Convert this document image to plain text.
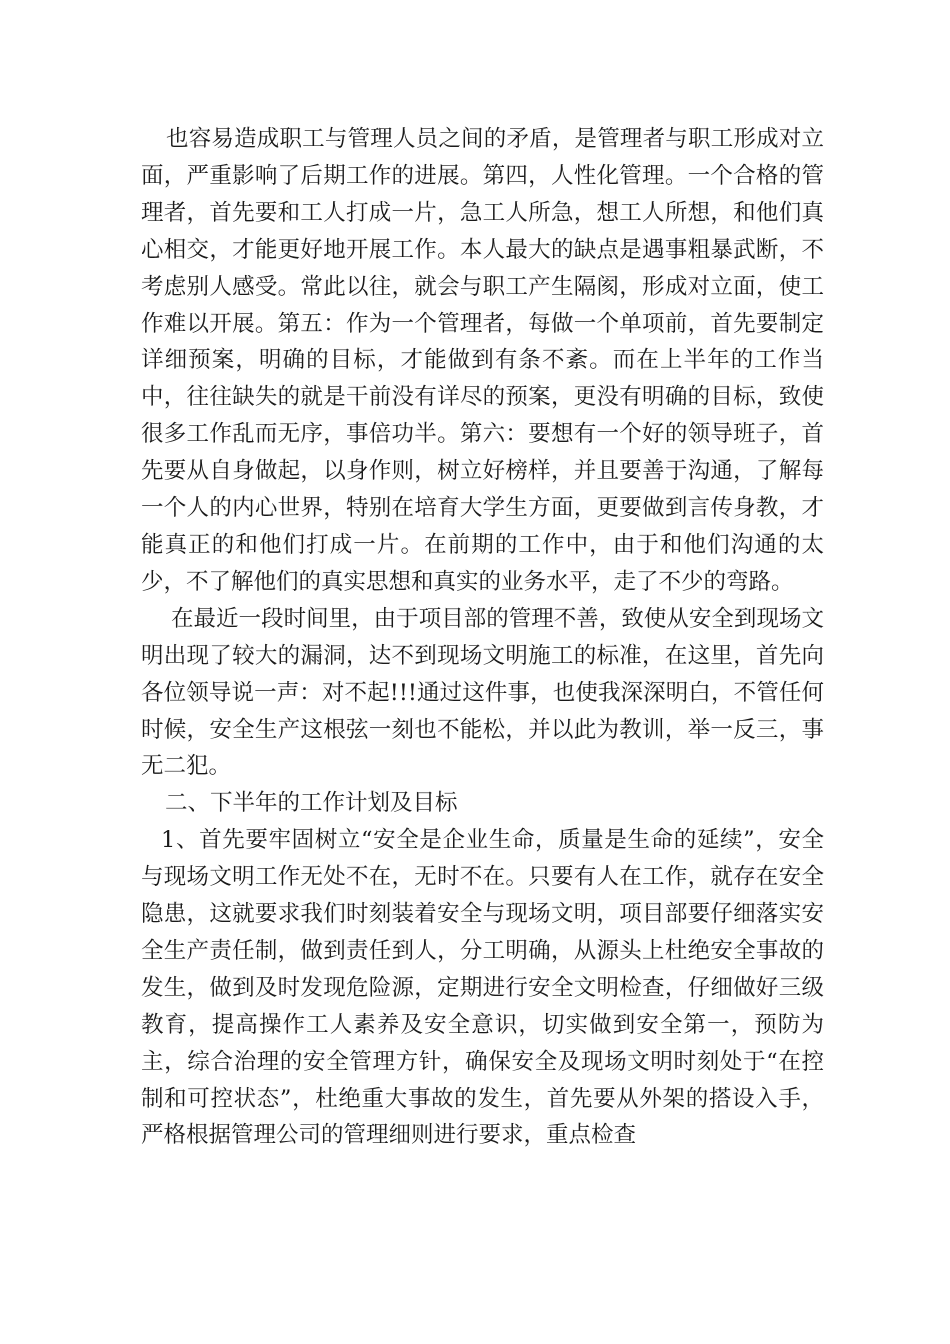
也容易造成职工与管理人员之间的矛盾，是管理者与职工形成对立面，严重影响了后期工作的进展。第四，人性化管理。一个合格的管理者，首先要和工人打成一片，急工人所急，想工人所想，和他们真心相交，才能更好地开展工作。本人最大的缺点是遇事粗暴武断，不考虑别人感受。常此以往，就会与职工产生隔阂，形成对立面，使工作难以开展。第五：作为一个管理者，每做一个单项前，首先要制定详细预案，明确的目标，才能做到有条不紊。而在上半年的工作当中，往往缺失的就是干前没有详尽的预案，更没有明确的目标，致使很多工作乱而无序，事倍功半。第六：要想有一个好的领导班子，首先要从自身做起，以身作则，树立好榜样，并且要善于沟通，了解每一个人的内心世界，特别在培育大学生方面，更要做到言传身教，才能真正的和他们打成一片。在前期的工作中，由于和他们沟通的太少，不了解他们的真实思想和真实的业务水平，走了不少的弯路。

在最近一段时间里，由于项目部的管理不善，致使从安全到现场文明出现了较大的漏洞，达不到现场文明施工的标准，在这里，首先向各位领导说一声：对不起!!!通过这件事，也使我深深明白，不管任何时候，安全生产这根弦一刻也不能松，并以此为教训，举一反三，事无二犯。

二、下半年的工作计划及目标

1、首先要牢固树立“安全是企业生命，质量是生命的延续”，安全与现场文明工作无处不在，无时不在。只要有人在工作，就存在安全隐患，这就要求我们时刻装着安全与现场文明，项目部要仔细落实安全生产责任制，做到责任到人，分工明确，从源头上杜绝安全事故的发生，做到及时发现危险源，定期进行安全文明检查，仔细做好三级教育，提高操作工人素养及安全意识，切实做到安全第一，预防为主，综合治理的安全管理方针，确保安全及现场文明时刻处于“在控制和可控状态”，杜绝重大事故的发生，首先要从外架的搭设入手，严格根据管理公司的管理细则进行要求，重点检查
